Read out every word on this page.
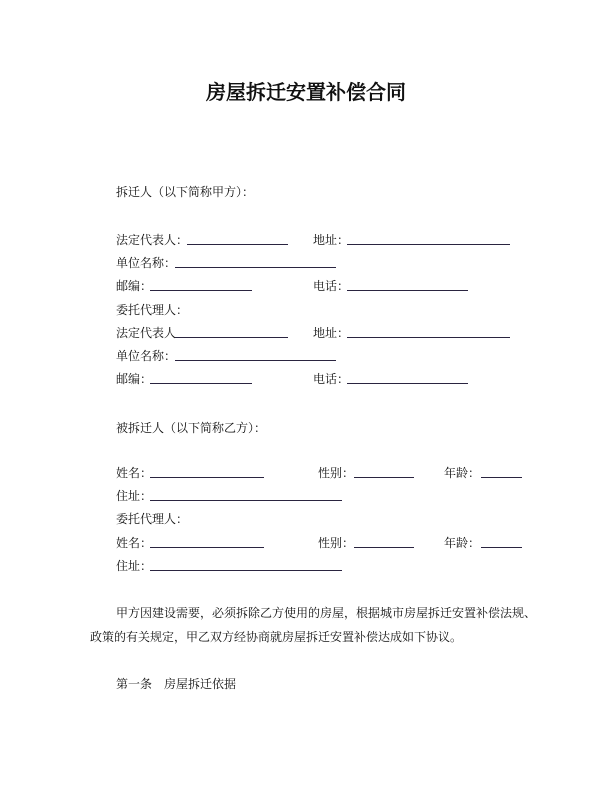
房屋拆迁安置补偿合同
拆迁人（以下简称甲方）：
法定代表人：	地址：
单位名称：
邮编：	电话：
委托代理人：
法定代表人	地址：
单位名称：
邮编：	电话：
被拆迁人（以下简称乙方）：
姓名：	性别：	年龄：
住址：
委托代理人：
姓名：	性别：	年龄：
住址：
甲方因建设需要，必须拆除乙方使用的房屋，根据城市房屋拆迁安置补偿法规、
政策的有关规定，甲乙双方经协商就房屋拆迁安置补偿达成如下协议。
第一条　房屋拆迁依据
